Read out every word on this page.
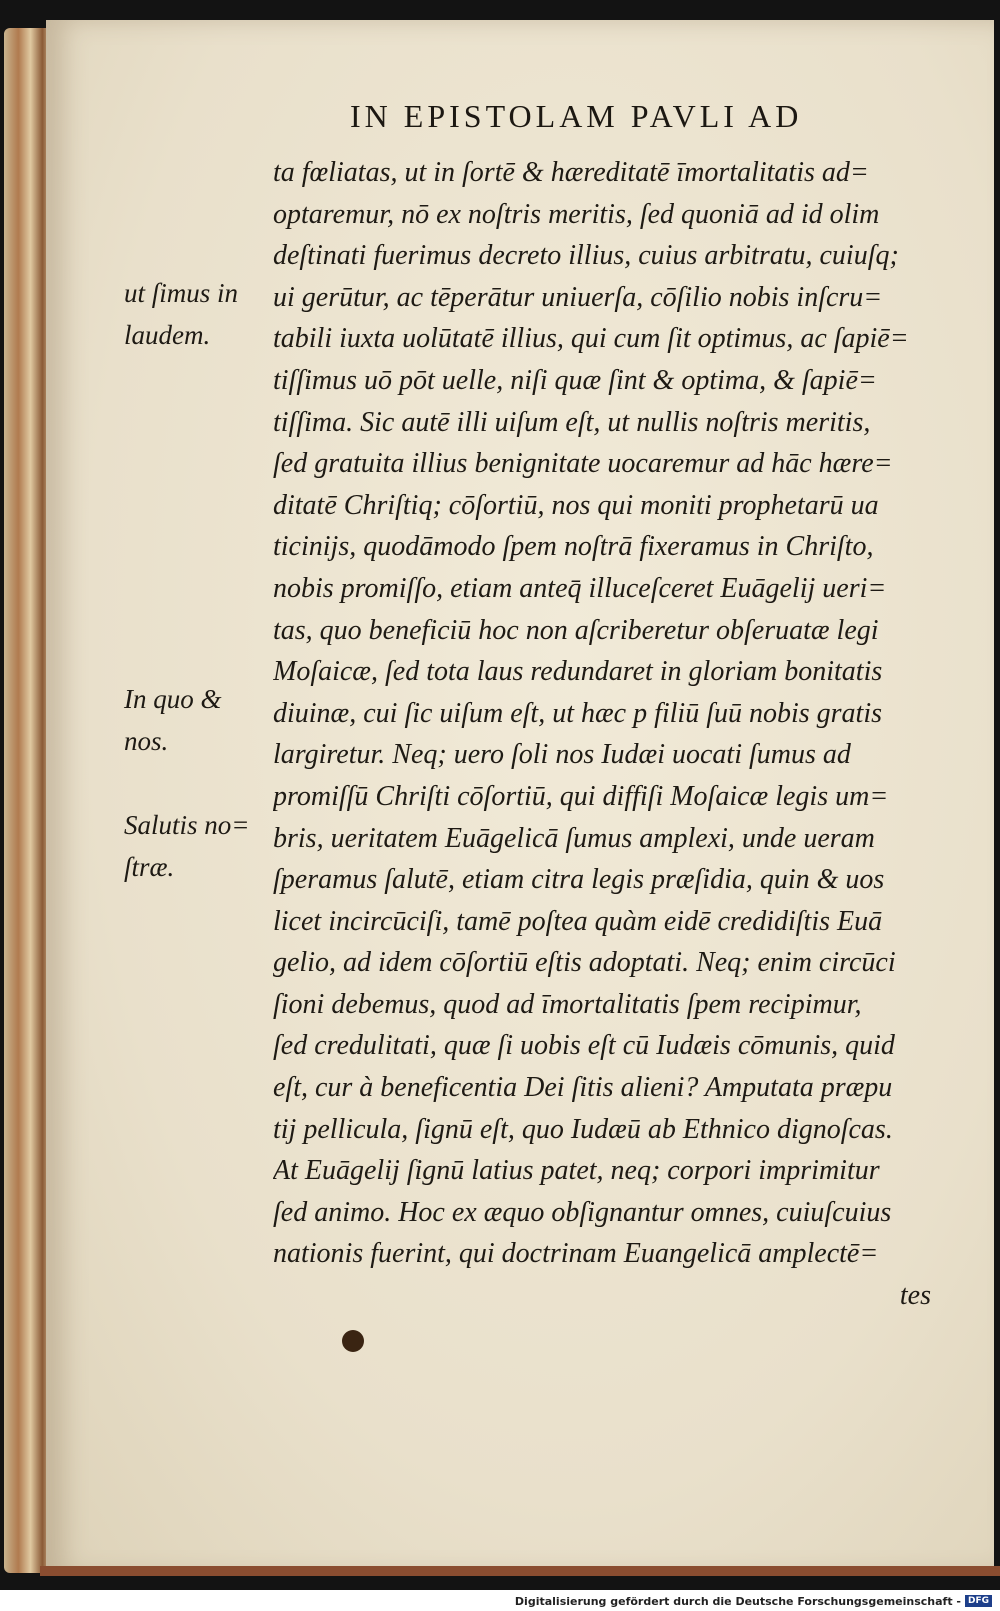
IN EPISTOLAM PAVLI AD
ta fœliatas, ut in ſortē & hæreditatē īmortalitatis ad=
optaremur, nō ex noſtris meritis, ſed quoniā ad id olim
deſtinati fuerimus decreto illius, cuius arbitratu, cuiuſq;
ui gerūtur, ac tēperātur uniuerſa, cōſilio nobis inſcru=
tabili iuxta uolūtatē illius, qui cum ſit optimus, ac ſapiē=
tiſſimus uō pōt uelle, niſi quæ ſint & optima, & ſapiē=
tiſſima. Sic autē illi uiſum eſt, ut nullis noſtris meritis,
ſed gratuita illius benignitate uocaremur ad hāc hære=
ditatē Chriſtiq; cōſortiū, nos qui moniti prophetarū ua
ticinijs, quodāmodo ſpem noſtrā fixeramus in Chriſto,
nobis promiſſo, etiam anteq̄ illuceſceret Euāgelij ueri=
tas, quo beneficiū hoc non aſcriberetur obſeruatæ legi
Moſaicæ, ſed tota laus redundaret in gloriam bonitatis
diuinæ, cui ſic uiſum eſt, ut hæc p filiū ſuū nobis gratis
largiretur. Neq; uero ſoli nos Iudæi uocati ſumus ad
promiſſū Chriſti cōſortiū, qui diffiſi Moſaicæ legis um=
bris, ueritatem Euāgelicā ſumus amplexi, unde ueram
ſperamus ſalutē, etiam citra legis præſidia, quin & uos
licet incircūciſi, tamē poſtea quàm eidē credidiſtis Euā
gelio, ad idem cōſortiū eſtis adoptati. Neq; enim circūci
ſioni debemus, quod ad īmortalitatis ſpem recipimur,
ſed credulitati, quæ ſi uobis eſt cū Iudæis cōmunis, quid
eſt, cur à beneficentia Dei ſitis alieni? Amputata præpu
tij pellicula, ſignū eſt, quo Iudæū ab Ethnico dignoſcas.
At Euāgelij ſignū latius patet, neq; corpori imprimitur
ſed animo. Hoc ex æquo obſignantur omnes, cuiuſcuius
nationis fuerint, qui doctrinam Euangelicā amplectē=
tes
ut ſimus in
laudem.
In quo &
nos.
Salutis no=
ſtræ.
Digitalisierung gefördert durch die Deutsche Forschungsgemeinschaft - DFG
